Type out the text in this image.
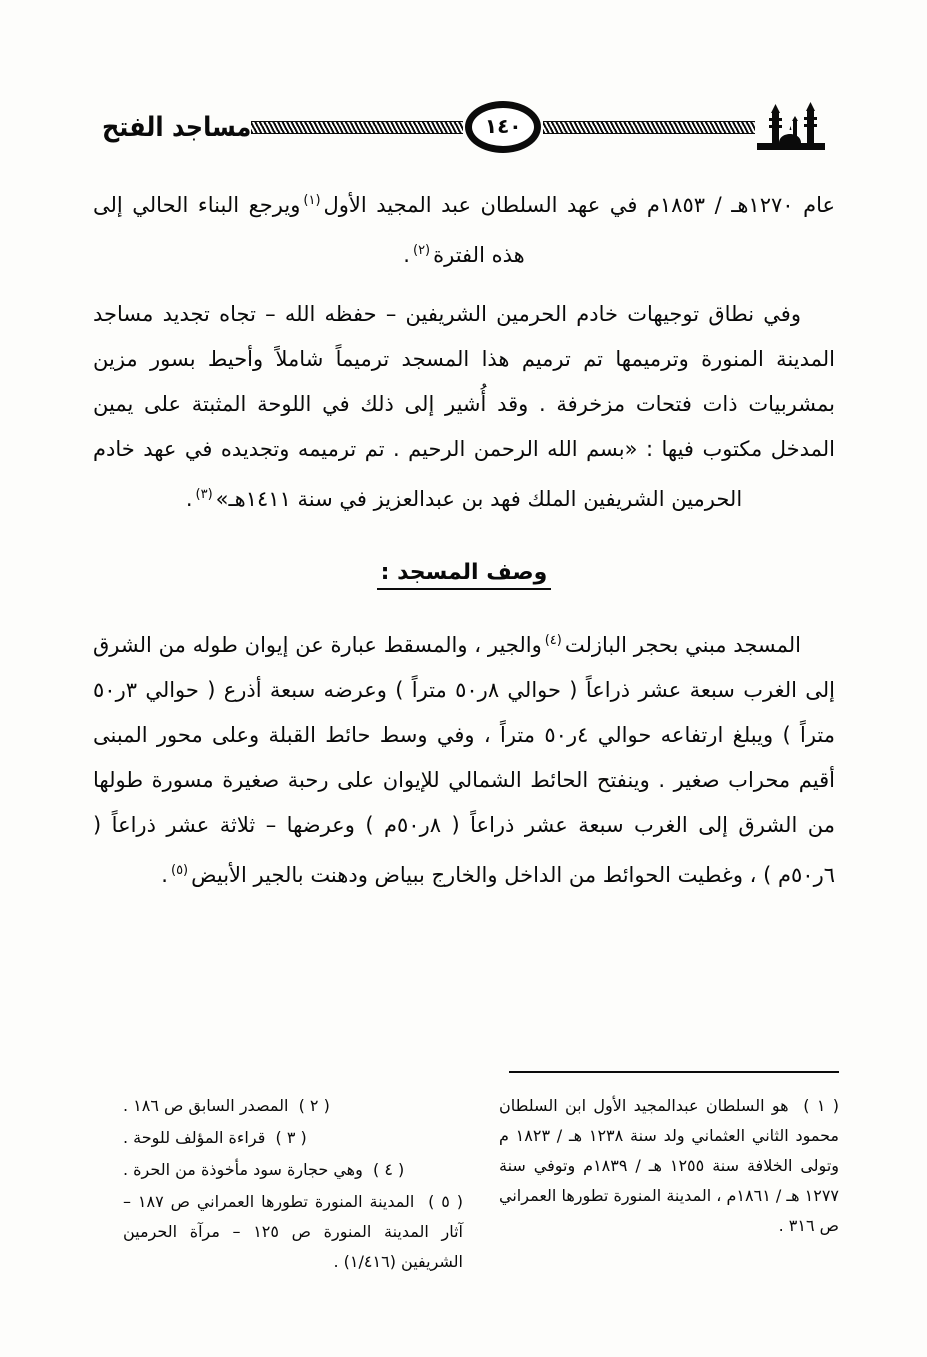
١٤٠
مساجد الفتح

عام ١٢٧٠هـ / ١٨٥٣م في عهد السلطان عبد المجيد الأول$^{(١)}$ويرجع البناء الحالي إلى هذه الفترة$^{(٢)}$.

وفي نطاق توجيهات خادم الحرمين الشريفين – حفظه الله – تجاه تجديد مساجد المدينة المنورة وترميمها تم ترميم هذا المسجد ترميماً شاملاً وأحيط بسور مزين بمشربيات ذات فتحات مزخرفة . وقد أُشير إلى ذلك في اللوحة المثبتة على يمين المدخل مكتوب فيها : «بسم الله الرحمن الرحيم . تم ترميمه وتجديده في عهد خادم الحرمين الشريفين الملك فهد بن عبدالعزيز في سنة ١٤١١هـ»$^{(٣)}$.

وصف المسجد :

المسجد مبني بحجر البازلت$^{(٤)}$والجير ، والمسقط عبارة عن إيوان طوله من الشرق إلى الغرب سبعة عشر ذراعاً ( حوالي ٨ر٥٠ متراً ) وعرضه سبعة أذرع ( حوالي ٣ر٥٠ متراً ) ويبلغ ارتفاعه حوالي ٤ر٥٠ متراً ، وفي وسط حائط القبلة وعلى محور المبنى أقيم محراب صغير . وينفتح الحائط الشمالي للإيوان على رحبة صغيرة مسورة طولها من الشرق إلى الغرب سبعة عشر ذراعاً ( ٨ر٥٠م ) وعرضها – ثلاثة عشر ذراعاً ( ٦ر٥٠م ) ، وغطيت الحوائط من الداخل والخارج ببياض ودهنت بالجير الأبيض$^{(٥)}$.

( ١ )  هو السلطان عبدالمجيد الأول ابن السلطان محمود الثاني العثماني ولد سنة ١٢٣٨ هـ / ١٨٢٣ م وتولى الخلافة سنة ١٢٥٥ هـ / ١٨٣٩م وتوفي سنة ١٢٧٧ هـ / ١٨٦١م ، المدينة المنورة تطورها العمراني ص ٣١٦ .

( ٢ )  المصدر السابق ص ١٨٦ .

( ٣ )  قراءة المؤلف للوحة .

( ٤ )  وهي حجارة سود مأخوذة من الحرة .

( ٥ )  المدينة المنورة تطورها العمراني ص ١٨٧ – آثار المدينة المنورة ص ١٢٥ – مرآة الحرمين الشريفين (١/٤١٦) .
